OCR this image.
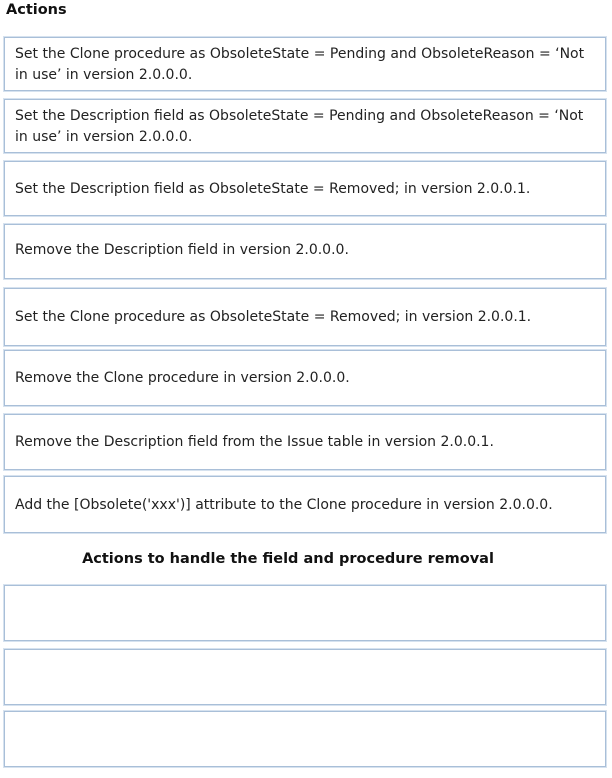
Actions
Set the Clone procedure as ObsoleteState = Pending and ObsoleteReason = ‘Not in use’ in version 2.0.0.0.
Set the Description field as ObsoleteState = Pending and ObsoleteReason = ‘Not in use’ in version 2.0.0.0.
Set the Description field as ObsoleteState = Removed; in version 2.0.0.1.
Remove the Description field in version 2.0.0.0.
Set the Clone procedure as ObsoleteState = Removed; in version 2.0.0.1.
Remove the Clone procedure in version 2.0.0.0.
Remove the Description field from the Issue table in version 2.0.0.1.
Add the [Obsolete('xxx')] attribute to the Clone procedure in version 2.0.0.0.
Actions to handle the field and procedure removal
